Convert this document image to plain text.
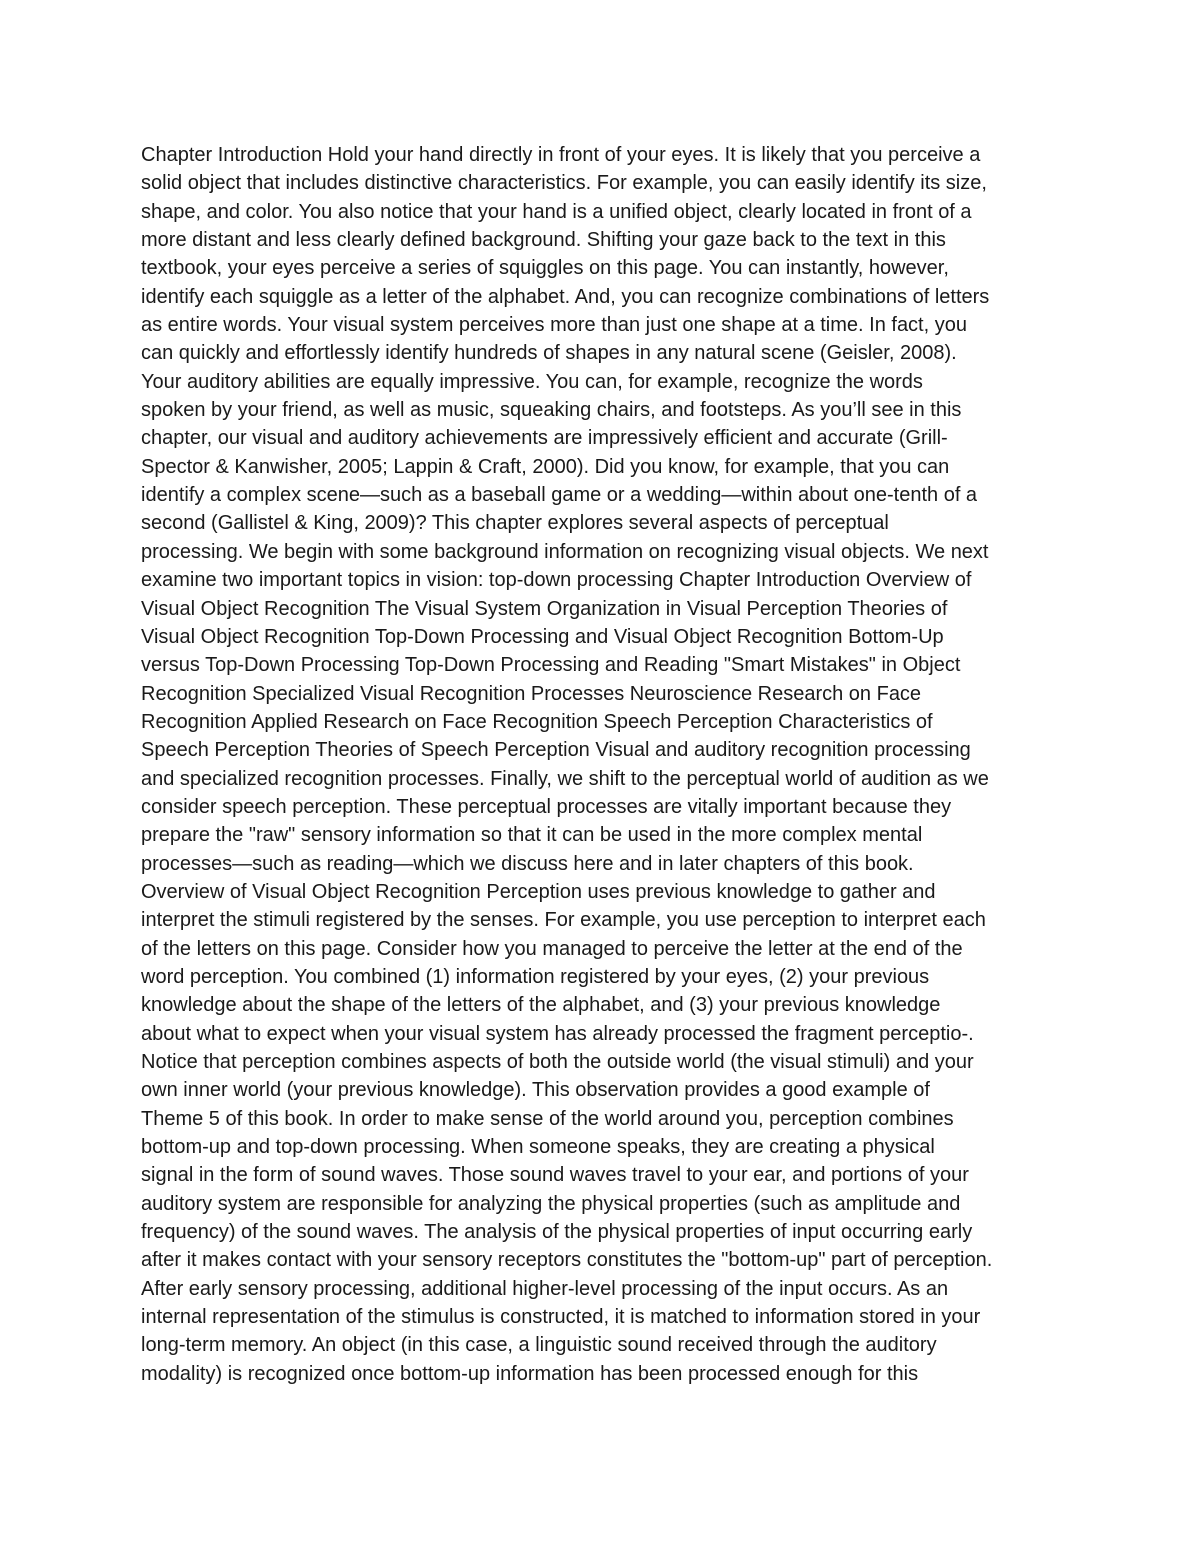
Chapter Introduction Hold your hand directly in front of your eyes. It is likely that you perceive a
solid object that includes distinctive characteristics. For example, you can easily identify its size,
shape, and color. You also notice that your hand is a unified object, clearly located in front of a
more distant and less clearly defined background. Shifting your gaze back to the text in this
textbook, your eyes perceive a series of squiggles on this page. You can instantly, however,
identify each squiggle as a letter of the alphabet. And, you can recognize combinations of letters
as entire words. Your visual system perceives more than just one shape at a time. In fact, you
can quickly and effortlessly identify hundreds of shapes in any natural scene (Geisler, 2008).
Your auditory abilities are equally impressive. You can, for example, recognize the words
spoken by your friend, as well as music, squeaking chairs, and footsteps. As you’ll see in this
chapter, our visual and auditory achievements are impressively efficient and accurate (Grill-
Spector & Kanwisher, 2005; Lappin & Craft, 2000). Did you know, for example, that you can
identify a complex scene—such as a baseball game or a wedding—within about one-tenth of a
second (Gallistel & King, 2009)? This chapter explores several aspects of perceptual
processing. We begin with some background information on recognizing visual objects. We next
examine two important topics in vision: top-down processing Chapter Introduction Overview of
Visual Object Recognition The Visual System Organization in Visual Perception Theories of
Visual Object Recognition Top-Down Processing and Visual Object Recognition Bottom-Up
versus Top-Down Processing Top-Down Processing and Reading "Smart Mistakes" in Object
Recognition Specialized Visual Recognition Processes Neuroscience Research on Face
Recognition Applied Research on Face Recognition Speech Perception Characteristics of
Speech Perception Theories of Speech Perception Visual and auditory recognition processing
and specialized recognition processes. Finally, we shift to the perceptual world of audition as we
consider speech perception. These perceptual processes are vitally important because they
prepare the "raw" sensory information so that it can be used in the more complex mental
processes—such as reading—which we discuss here and in later chapters of this book.
Overview of Visual Object Recognition Perception uses previous knowledge to gather and
interpret the stimuli registered by the senses. For example, you use perception to interpret each
of the letters on this page. Consider how you managed to perceive the letter at the end of the
word perception. You combined (1) information registered by your eyes, (2) your previous
knowledge about the shape of the letters of the alphabet, and (3) your previous knowledge
about what to expect when your visual system has already processed the fragment perceptio-.
Notice that perception combines aspects of both the outside world (the visual stimuli) and your
own inner world (your previous knowledge). This observation provides a good example of
Theme 5 of this book. In order to make sense of the world around you, perception combines
bottom-up and top-down processing. When someone speaks, they are creating a physical
signal in the form of sound waves. Those sound waves travel to your ear, and portions of your
auditory system are responsible for analyzing the physical properties (such as amplitude and
frequency) of the sound waves. The analysis of the physical properties of input occurring early
after it makes contact with your sensory receptors constitutes the "bottom-up" part of perception.
After early sensory processing, additional higher-level processing of the input occurs. As an
internal representation of the stimulus is constructed, it is matched to information stored in your
long-term memory. An object (in this case, a linguistic sound received through the auditory
modality) is recognized once bottom-up information has been processed enough for this
